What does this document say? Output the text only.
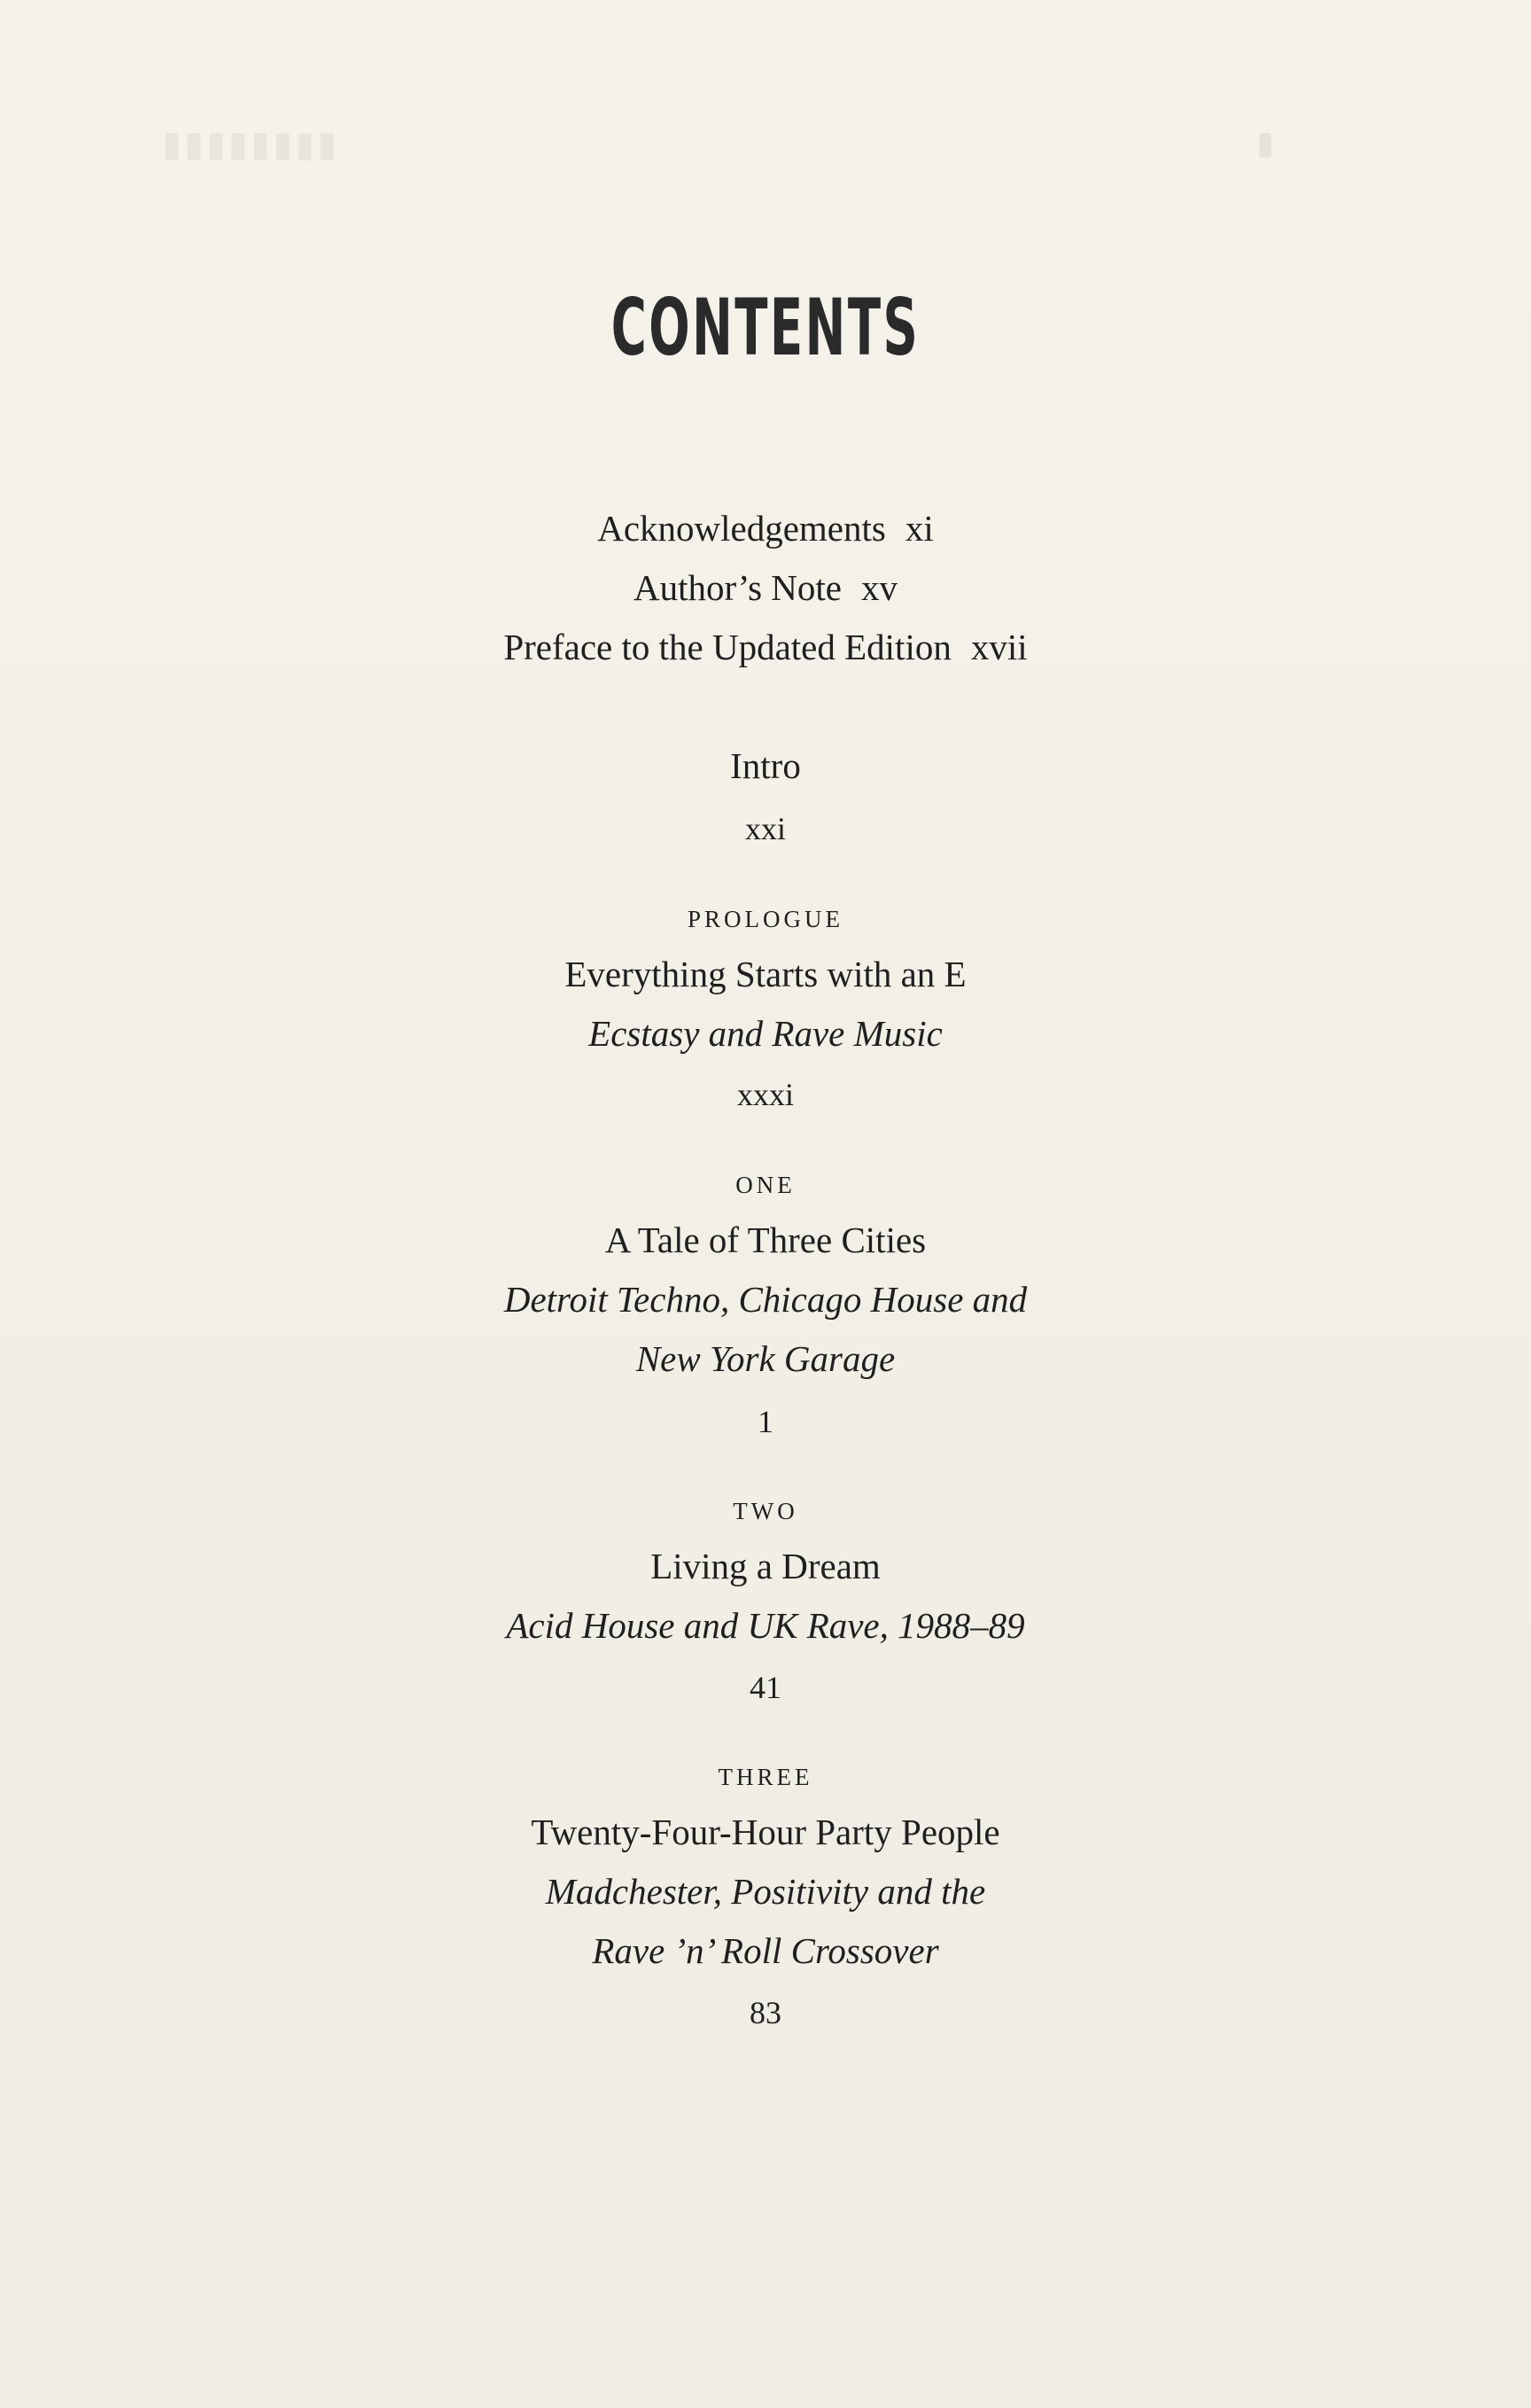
▮▮▮▮▮▮▮▮	▮
CONTENTS
Acknowledgements xi
Author’s Note xv
Preface to the Updated Edition xvii
Intro
xxi
PROLOGUE
Everything Starts with an E
Ecstasy and Rave Music
xxxi
ONE
A Tale of Three Cities
Detroit Techno, Chicago House and
New York Garage
1
TWO
Living a Dream
Acid House and UK Rave, 1988–89
41
THREE
Twenty-Four-Hour Party People
Madchester, Positivity and the
Rave ’n’ Roll Crossover
83
